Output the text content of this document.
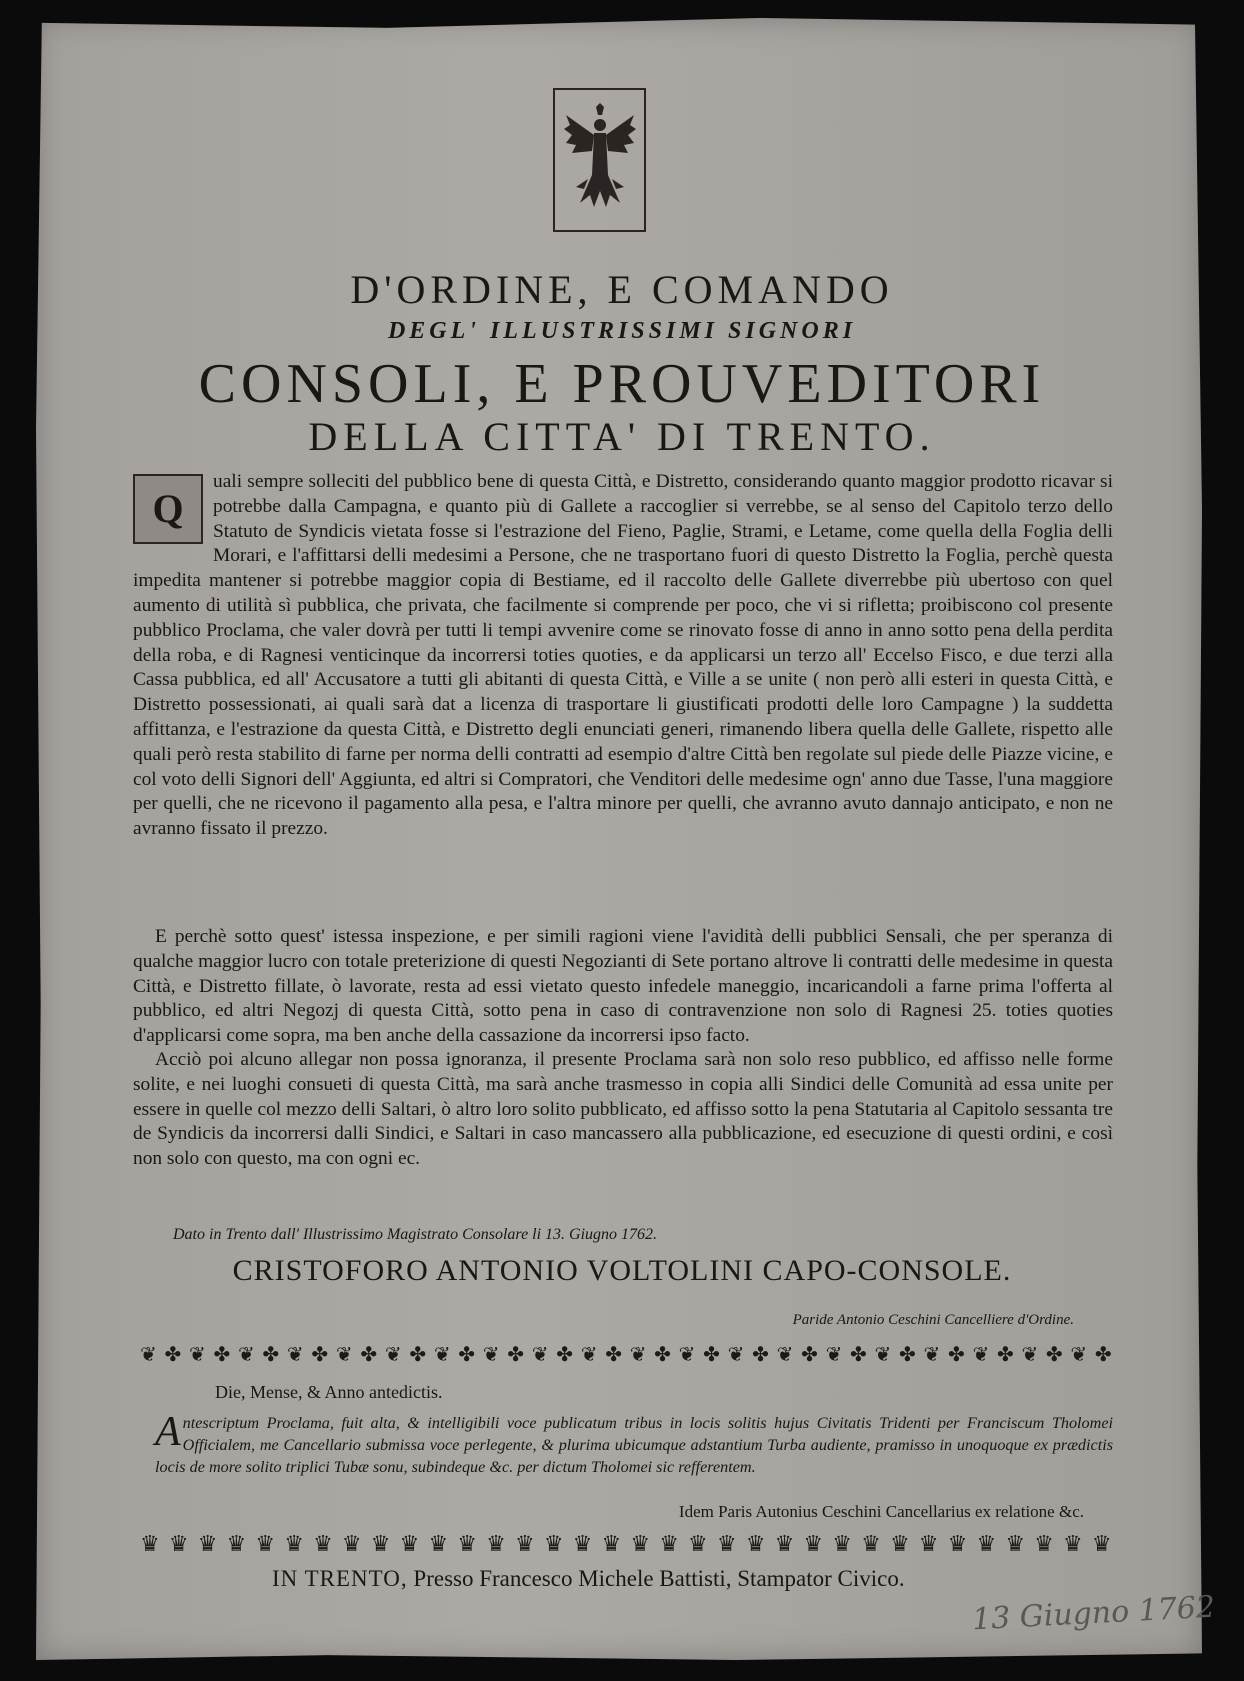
D'ORDINE, E COMANDO
DEGL' ILLUSTRISSIMI SIGNORI
CONSOLI, E PROUVEDITORI
DELLA CITTA' DI TRENTO.
Q
uali sempre solleciti del pubblico bene di questa Città, e Distretto, considerando quanto maggior prodotto ricavar si potrebbe dalla Campagna, e quanto più di Gallete a raccoglier si verrebbe, se al senso del Capitolo terzo dello Statuto de Syndicis vietata fosse si l'estrazione del Fieno, Paglie, Strami, e Letame, come quella della Foglia delli Morari, e l'affittarsi delli medesimi a Persone, che ne trasportano fuori di questo Distretto la Foglia, perchè questa impedita mantener si potrebbe maggior copia di Bestiame, ed il raccolto delle Gallete diverrebbe più ubertoso con quel aumento di utilità sì pubblica, che privata, che facilmente si comprende per poco, che vi si rifletta; proibiscono col presente pubblico Proclama, che valer dovrà per tutti li tempi avvenire come se rinovato fosse di anno in anno sotto pena della perdita della roba, e di Ragnesi venticinque da incorrersi toties quoties, e da applicarsi un terzo all' Eccelso Fisco, e due terzi alla Cassa pubblica, ed all' Accusatore a tutti gli abitanti di questa Città, e Ville a se unite ( non però alli esteri in questa Città, e Distretto possessionati, ai quali sarà dat a licenza di trasportare li giustificati prodotti delle loro Campagne ) la suddetta affittanza, e l'estrazione da questa Città, e Distretto degli enunciati generi, rimanendo libera quella delle Gallete, rispetto alle quali però resta stabilito di farne per norma delli contratti ad esempio d'altre Città ben regolate sul piede delle Piazze vicine, e col voto delli Signori dell' Aggiunta, ed altri si Compratori, che Venditori delle medesime ogn' anno due Tasse, l'una maggiore per quelli, che ne ricevono il pagamento alla pesa, e l'altra minore per quelli, che avranno avuto dannajo anticipato, e non ne avranno fissato il prezzo.
E perchè sotto quest' istessa inspezione, e per simili ragioni viene l'avidità delli pubblici Sensali, che per speranza di qualche maggior lucro con totale preterizione di questi Negozianti di Sete portano altrove li contratti delle medesime in questa Città, e Distretto fillate, ò lavorate, resta ad essi vietato questo infedele maneggio, incaricandoli a farne prima l'offerta al pubblico, ed altri Negozj di questa Città, sotto pena in caso di contravenzione non solo di Ragnesi 25. toties quoties d'applicarsi come sopra, ma ben anche della cassazione da incorrersi ipso facto.
Acciò poi alcuno allegar non possa ignoranza, il presente Proclama sarà non solo reso pubblico, ed affisso nelle forme solite, e nei luoghi consueti di questa Città, ma sarà anche trasmesso in copia alli Sindici delle Comunità ad essa unite per essere in quelle col mezzo delli Saltari, ò altro loro solito pubblicato, ed affisso sotto la pena Statutaria al Capitolo sessanta tre de Syndicis da incorrersi dalli Sindici, e Saltari in caso mancassero alla pubblicazione, ed esecuzione di questi ordini, e così non solo con questo, ma con ogni ec.
Dato in Trento dall' Illustrissimo Magistrato Consolare li 13. Giugno 1762.
CRISTOFORO ANTONIO VOLTOLINI CAPO-CONSOLE.
Paride Antonio Ceschini Cancelliere d'Ordine.
❦ ✤ ❦ ✤ ❦ ✤ ❦ ✤ ❦ ✤ ❦ ✤ ❦ ✤ ❦ ✤ ❦ ✤ ❦ ✤ ❦ ✤ ❦ ✤ ❦ ✤ ❦ ✤ ❦ ✤ ❦ ✤ ❦ ✤ ❦ ✤ ❦ ✤ ❦ ✤
Die, Mense, & Anno antedictis.
A ntescriptum Proclama, fuit alta, & intelligibili voce publicatum tribus in locis solitis hujus Civitatis Tridenti per Franciscum Tholomei Officialem, me Cancellario submissa voce perlegente, & plurima ubicumque adstantium Turba audiente, pramisso in unoquoque ex prædictis locis de more solito triplici Tubæ sonu, subindeque &c. per dictum Tholomei sic refferentem.
Idem Paris Autonius Ceschini Cancellarius ex relatione &c.
♛ ♛ ♛ ♛ ♛ ♛ ♛ ♛ ♛ ♛ ♛ ♛ ♛ ♛ ♛ ♛ ♛ ♛ ♛ ♛ ♛ ♛ ♛ ♛ ♛ ♛ ♛ ♛ ♛ ♛ ♛ ♛ ♛ ♛
IN TRENTO, Presso Francesco Michele Battisti, Stampator Civico.
13 Giugno 1762
